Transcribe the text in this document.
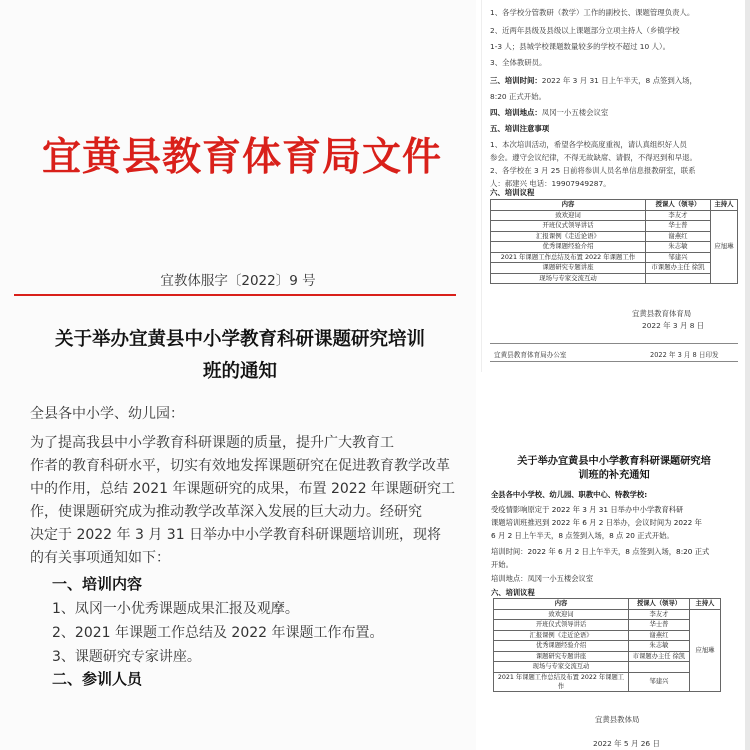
宜黄县教育体育局文件
宜教体服字〔2022〕9 号
关于举办宜黄县中小学教育科研课题研究培训
班的通知
全县各中小学、幼儿园：
为了提高我县中小学教育科研课题的质量，提升广大教育工
作者的教育科研水平，切实有效地发挥课题研究在促进教育教学改革
中的作用，总结 2021 年课题研究的成果，布置 2022 年课题研究工
作，使课题研究成为推动教学改革深入发展的巨大动力。经研究
决定于 2022 年 3 月 31 日举办中小学教育科研课题培训班，现将
的有关事项通知如下：
一、培训内容
1、凤冈一小优秀课题成果汇报及观摩。
2、2021 年课题工作总结及 2022 年课题工作布置。
3、课题研究专家讲座。
二、参训人员
1、各学校分管教研（教学）工作的副校长、课题管理负责人。
2、近两年县级及县级以上课题部分立项主持人（乡镇学校
1-3 人；县城学校课题数量较多的学校不超过 10 人）。
3、全体教研员。
三、培训时间：2022 年 3 月 31 日上午半天，8 点签到入场，
8:20 正式开始。
四、培训地点：凤冈一小五楼会议室
五、培训注意事项
1、本次培训活动，希望各学校高度重视，请认真组织好人员
参会。遵守会议纪律，不得无故缺席、请假，不得迟到和早退。
2、各学校在 3 月 25 日前将参训人员名单信息报教研室，联系
人：郝建兴 电话：19907949287。
六、培训议程
内容	授课人（领导）	主持人
致欢迎词	李友才	应旭琳
开班仪式领导讲话	华士普	
汇报课例《走近论语》	谢燕红	
优秀课题经验介绍	朱志敏	
2021 年课题工作总结及布置 2022 年课题工作	邹建兴	
课题研究专题讲座	市课题办主任 徐凯	
现场与专家交流互动		
宜黄县教育体育局
2022 年 3 月 8 日
宜黄县教育体育局办公室	2022 年 3 月 8 日印发
关于举办宜黄县中小学教育科研课题研究培
训班的补充通知
全县各中小学校、幼儿园、职教中心、特教学校:
受疫情影响原定于 2022 年 3 月 31 日举办中小学教育科研
课题培训班推迟到 2022 年 6 月 2 日举办，会议时间为 2022 年
6 月 2 日上午半天，8 点签到入场，8 点 20 正式开始。
培训时间：2022 年 6 月 2 日上午半天，8 点签到入场，8:20 正式
开始。
培训地点：凤冈一小五楼会议室
六、培训议程
内容	授课人（领导）	主持人
致欢迎词	李友才	应旭琳
开班仪式领导讲话	华士普	
汇报课例《走近论语》	谢燕红	
优秀课题经验介绍	朱志敏	
课题研究专题讲座	市课题办主任 徐凯	
现场与专家交流互动		
2021 年课题工作总结及布置 2022 年课题工作	邹建兴	
宜黄县教体局
2022 年 5 月 26 日
